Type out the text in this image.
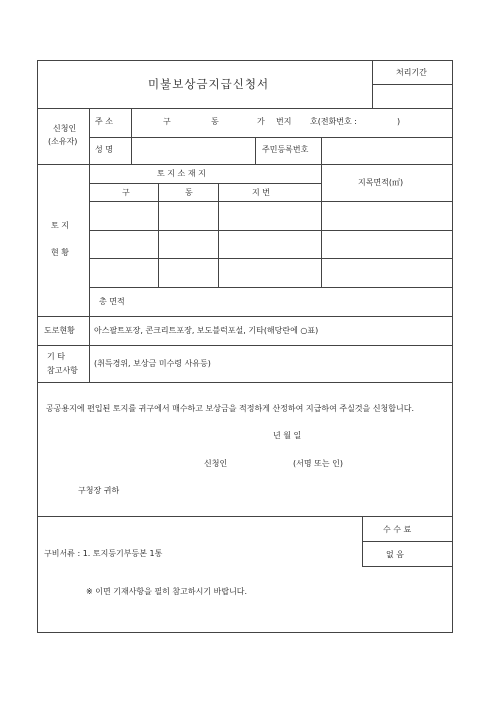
미불보상금지급신청서
처리기간
신청인
(소유자)
주 소	구	동	가 번지 호(전화번호 :	)
성 명	주민등록번호
토 지
현 황
토 지 소 재 지
구	동	지 번
지목면적(㎡)
총 면적
도로현황 아스팔트포장, 콘크리트포장, 보도블럭포설, 기타(해당란에 ○표)
기 타
참고사항
(취득경위, 보상금 미수령 사유등)
공공용지에 편입된 토지를 귀구에서 매수하고 보상금을 적정하게 산정하여 지급하여 주실것을 신청합니다.
년 월 일
신청인	(서명 또는 인)
구청장 귀하
구비서류 : 1. 토지등기부등본 1통
수 수 료
없 음
※ 이면 기재사항을 필히 참고하시기 바랍니다.
